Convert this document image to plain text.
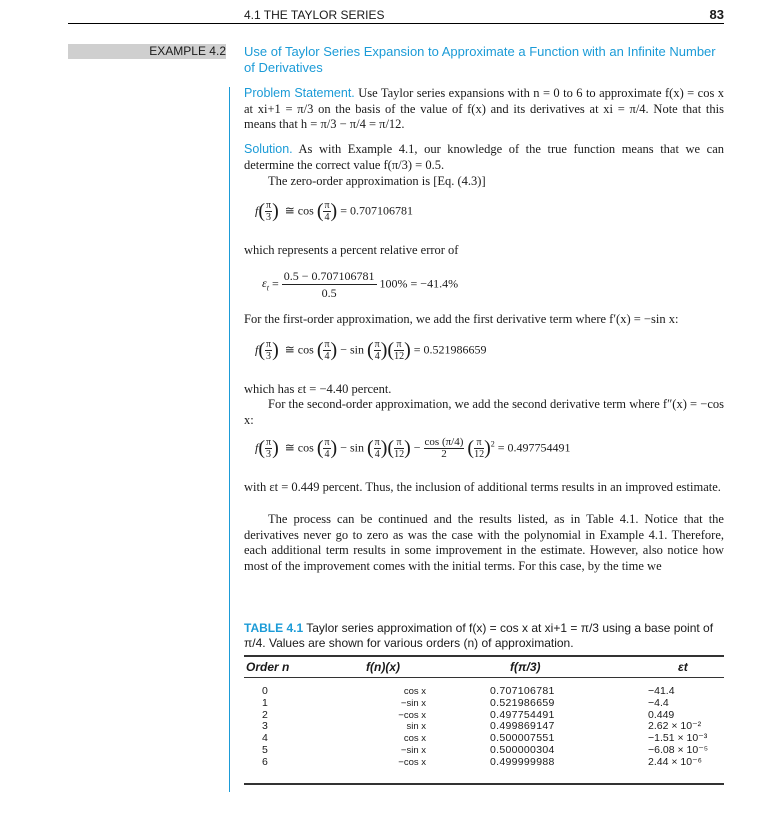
4.1 THE TAYLOR SERIES	83
EXAMPLE 4.2 Use of Taylor Series Expansion to Approximate a Function with an Infinite Number of Derivatives
Problem Statement. Use Taylor series expansions with n = 0 to 6 to approximate f(x) = cos x at xi+1 = π/3 on the basis of the value of f(x) and its derivatives at xi = π/4. Note that this means that h = π/3 − π/4 = π/12.
Solution. As with Example 4.1, our knowledge of the true function means that we can determine the correct value f(π/3) = 0.5.
The zero-order approximation is [Eq. (4.3)]
$f( \frac{\pi}{3}$ )  ≅ cos ( $\frac{\pi}{4}$ ) = 0.707106781
which represents a percent relative error of
$\varepsilon_t = \frac{0.5 - 0.707106781}{0.5} 100\% = -41.4\%$
For the first-order approximation, we add the first derivative term where f′(x) = −sin x:
$f( \frac{\pi}{3}$ )  ≅ cos ( $\frac{\pi}{4}$ ) − sin ( $\frac{\pi}{4}$ )( $\frac{\pi}{12}$ ) = 0.521986659
which has εt = −4.40 percent.
For the second-order approximation, we add the second derivative term where f″(x) = −cos x:
$f( \frac{\pi}{3}$ )  ≅ cos ( $\frac{\pi}{4}$ ) − sin ( $\frac{\pi}{4}$ )( $\frac{\pi}{12}$ ) − $\frac{\cos (\pi/4)}{2}$ ( $\frac{\pi}{12} )^2 = 0.497754491$
with εt = 0.449 percent. Thus, the inclusion of additional terms results in an improved estimate.
The process can be continued and the results listed, as in Table 4.1. Notice that the derivatives never go to zero as was the case with the polynomial in Example 4.1. Therefore, each additional term results in some improvement in the estimate. However, also notice how most of the improvement comes with the initial terms. For this case, by the time we
TABLE 4.1 Taylor series approximation of f(x) = cos x at xi+1 = π/3 using a base point of π/4. Values are shown for various orders (n) of approximation.
Order n	f(n)(x)	f(π/3)	εt
0	cos x	0.707106781	−41.4
1	−sin x	0.521986659	−4.4
2	−cos x	0.497754491	0.449
3	sin x	0.499869147	2.62 × 10⁻²
4	cos x	0.500007551	−1.51 × 10⁻³
5	−sin x	0.500000304	−6.08 × 10⁻⁵
6	−cos x	0.499999988	2.44 × 10⁻⁶
